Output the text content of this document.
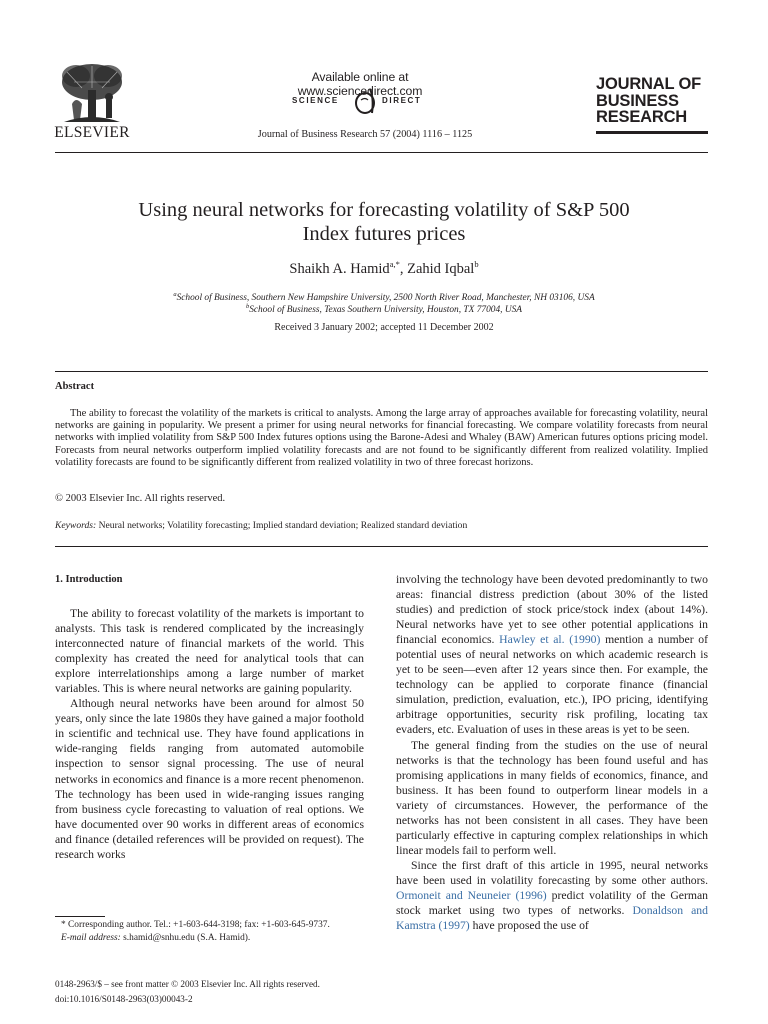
ELSEVIER
Available online at www.sciencedirect.com
SCIENCE	DIRECT
Journal of Business Research 57 (2004) 1116 – 1125
JOURNAL OF
BUSINESS
RESEARCH
Using neural networks for forecasting volatility of S&P 500
Index futures prices
Shaikh A. Hamid$^{a,*}$, Zahid Iqbal$^b$
$^a$School of Business, Southern New Hampshire University, 2500 North River Road, Manchester, NH 03106, USA
$^b$School of Business, Texas Southern University, Houston, TX 77004, USA
Received 3 January 2002; accepted 11 December 2002
Abstract

The ability to forecast the volatility of the markets is critical to analysts. Among the large array of approaches available for forecasting volatility, neural networks are gaining in popularity. We present a primer for using neural networks for financial forecasting. We compare volatility forecasts from neural networks with implied volatility from S&P 500 Index futures options using the Barone-Adesi and Whaley (BAW) American futures options pricing model. Forecasts from neural networks outperform implied volatility forecasts and are not found to be significantly different from realized volatility. Implied volatility forecasts are found to be significantly different from realized volatility in two of three forecast horizons.

© 2003 Elsevier Inc. All rights reserved.
Keywords: Neural networks; Volatility forecasting; Implied standard deviation; Realized standard deviation
1. Introduction

The ability to forecast volatility of the markets is important to analysts. This task is rendered complicated by the increasingly interconnected nature of financial markets of the world. This complexity has created the need for analytical tools that can explore interrelationships among a large number of market variables. This is where neural networks are gaining popularity.

Although neural networks have been around for almost 50 years, only since the late 1980s they have gained a major foothold in scientific and technical use. They have found applications in wide-ranging fields ranging from automated automobile inspection to sensor signal processing. The use of neural networks in economics and finance is a more recent phenomenon. The technology has been used in wide-ranging issues ranging from business cycle forecasting to valuation of real options. We have documented over 90 works in different areas of economics and finance (detailed references will be provided on request). The research works

involving the technology have been devoted predominantly to two areas: financial distress prediction (about 30% of the listed studies) and prediction of stock price/stock index (about 14%). Neural networks have yet to see other potential applications in financial economics. Hawley et al. (1990) mention a number of potential uses of neural networks on which academic research is yet to be seen—even after 12 years since then. For example, the technology can be applied to corporate finance (financial simulation, prediction, evaluation, etc.), IPO pricing, identifying arbitrage opportunities, security risk profiling, locating tax evaders, etc. Evaluation of uses in these areas is yet to be seen.

The general finding from the studies on the use of neural networks is that the technology has been found useful and has promising applications in many fields of economics, finance, and business. It has been found to outperform linear models in a variety of circumstances. However, the performance of the networks has not been consistent in all cases. They have been particularly effective in capturing complex relationships in which linear models fail to perform well.

Since the first draft of this article in 1995, neural networks have been used in volatility forecasting by some other authors. Ormoneit and Neuneier (1996) predict volatility of the German stock market using two types of networks. Donaldson and Kamstra (1997) have proposed the use of

* Corresponding author. Tel.: +1-603-644-3198; fax: +1-603-645-9737.

E-mail address: s.hamid@snhu.edu (S.A. Hamid).

0148-2963/$ – see front matter © 2003 Elsevier Inc. All rights reserved.
doi:10.1016/S0148-2963(03)00043-2
